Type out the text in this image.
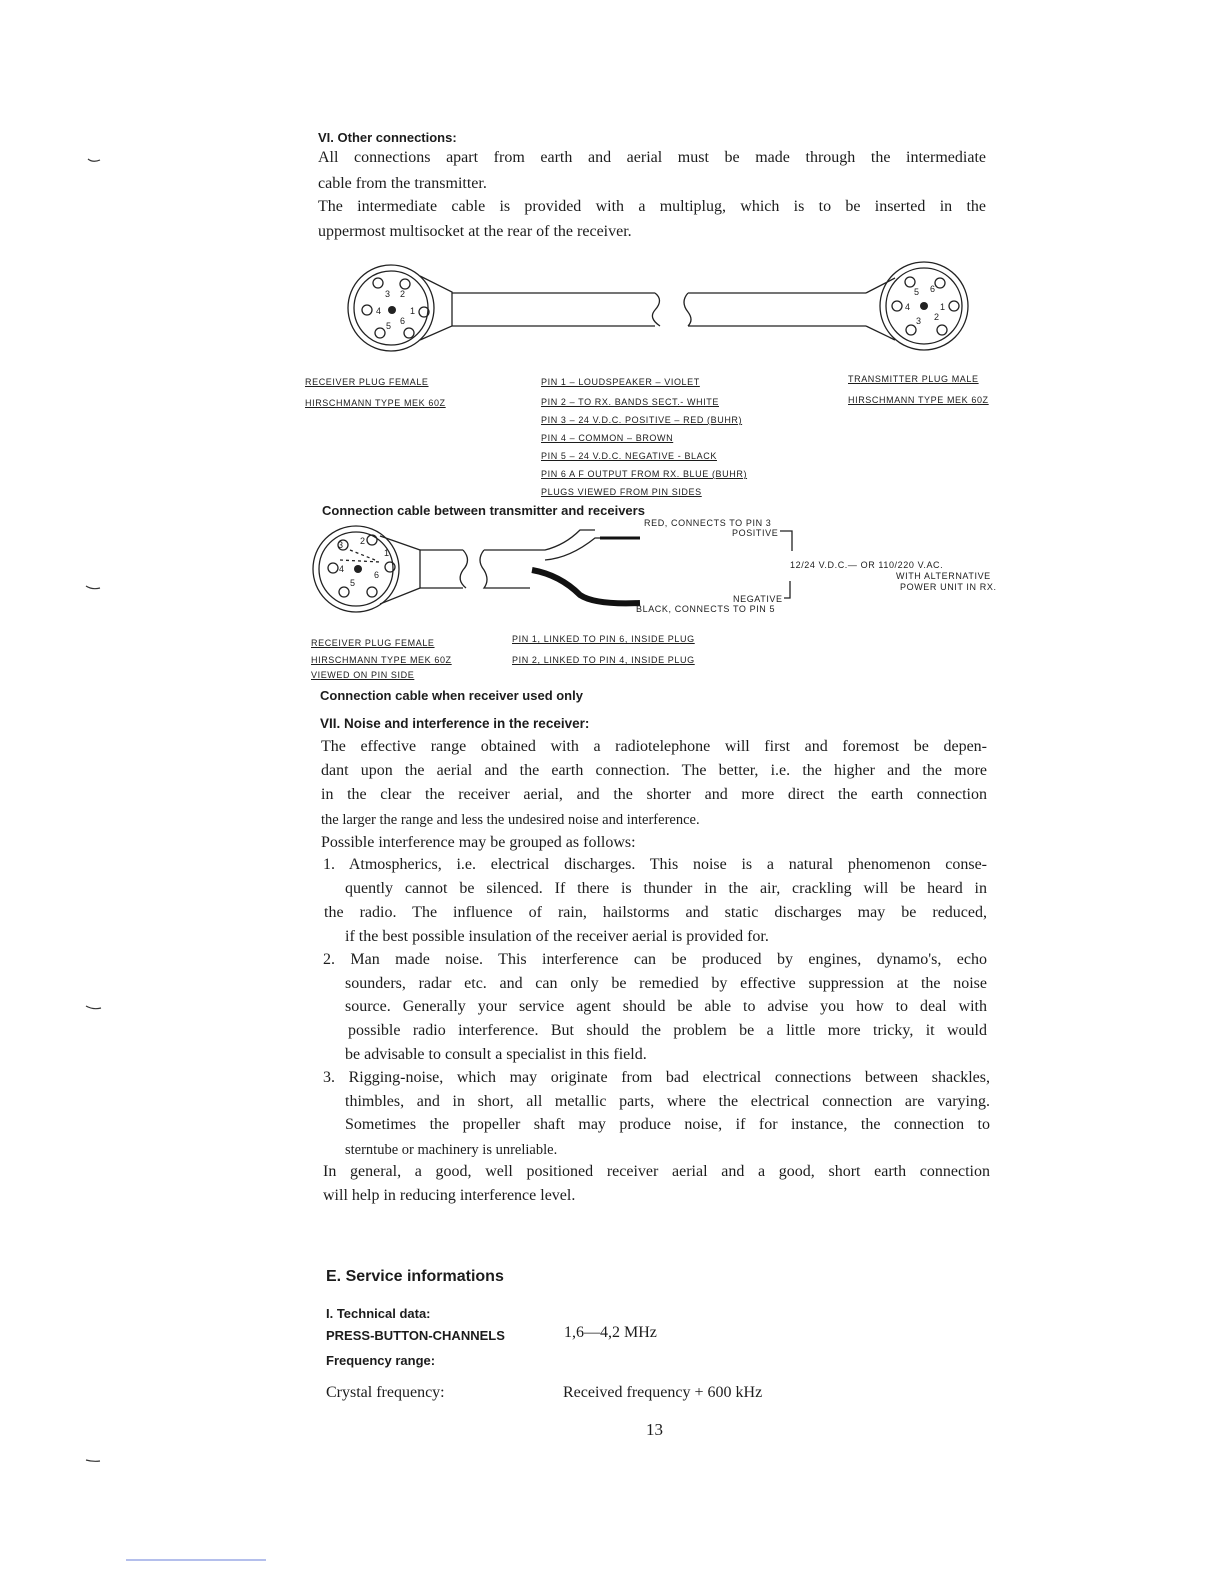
VI. Other connections:
All connections apart from earth and aerial must be made through the intermediate
cable from the transmitter.
The intermediate cable is provided with a multiplug, which is to be inserted in the
uppermost multisocket at the rear of the receiver.
3 2
4	1
5 6
5 6
4	1
3 2
RECEIVER PLUG FEMALE
HIRSCHMANN TYPE MEK 60Z
TRANSMITTER PLUG MALE
HIRSCHMANN TYPE MEK 60Z
PIN 1 – LOUDSPEAKER – VIOLET
PIN 2 – TO RX. BANDS SECT.- WHITE
PIN 3 – 24 V.D.C. POSITIVE – RED (BUHR)
PIN 4 – COMMON – BROWN
PIN 5 – 24 V.D.C. NEGATIVE - BLACK
PIN 6 A F OUTPUT FROM RX. BLUE (BUHR)
PLUGS VIEWED FROM PIN SIDES
Connection cable between transmitter and receivers
3 2
1
4
5
6
RED, CONNECTS TO PIN 3
POSITIVE
12/24 V.D.C.— OR 110/220 V.AC.
WITH ALTERNATIVE
POWER UNIT IN RX.
NEGATIVE
BLACK, CONNECTS TO PIN 5
RECEIVER PLUG FEMALE
HIRSCHMANN TYPE MEK 60Z
VIEWED ON PIN SIDE
PIN 1, LINKED TO PIN 6, INSIDE PLUG
PIN 2, LINKED TO PIN 4, INSIDE PLUG
Connection cable when receiver used only
VII. Noise and interference in the receiver:
The effective range obtained with a radiotelephone will first and foremost be depen-
dant upon the aerial and the earth connection. The better, i.e. the higher and the more
in the clear the receiver aerial, and the shorter and more direct the earth connection
the larger the range and less the undesired noise and interference.
Possible interference may be grouped as follows:
1. Atmospherics, i.e. electrical discharges. This noise is a natural phenomenon conse-
quently cannot be silenced. If there is thunder in the air, crackling will be heard in
the radio. The influence of rain, hailstorms and static discharges may be reduced,
if the best possible insulation of the receiver aerial is provided for.
2. Man made noise. This interference can be produced by engines, dynamo's, echo
sounders, radar etc. and can only be remedied by effective suppression at the noise
source. Generally your service agent should be able to advise you how to deal with
possible radio interference. But should the problem be a little more tricky, it would
be advisable to consult a specialist in this field.
3. Rigging-noise, which may originate from bad electrical connections between shackles,
thimbles, and in short, all metallic parts, where the electrical connection are varying.
Sometimes the propeller shaft may produce noise, if for instance, the connection to
sterntube or machinery is unreliable.
In general, a good, well positioned receiver aerial and a good, short earth connection
will help in reducing interference level.
E. Service informations
I. Technical data:
PRESS-BUTTON-CHANNELS	1,6—4,2 MHz
Frequency range:
Crystal frequency:	Received frequency + 600 kHz
13
